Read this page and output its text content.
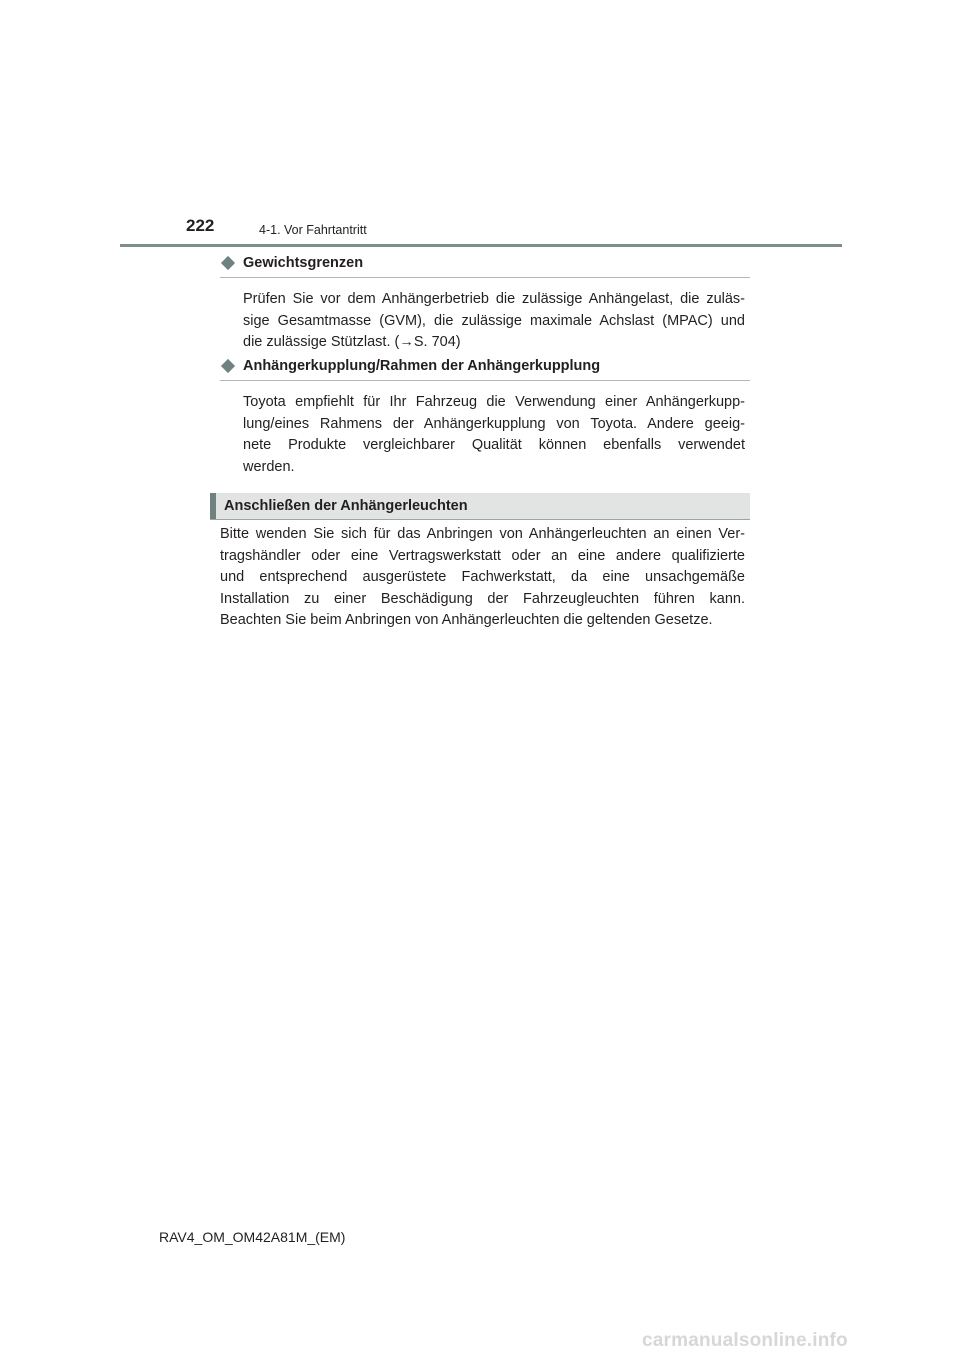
222	4-1. Vor Fahrtantritt
Gewichtsgrenzen
Prüfen Sie vor dem Anhängerbetrieb die zulässige Anhängelast, die zuläs-
sige Gesamtmasse (GVM), die zulässige maximale Achslast (MPAC) und
die zulässige Stützlast. (→S. 704)
Anhängerkupplung/Rahmen der Anhängerkupplung
Toyota empfiehlt für Ihr Fahrzeug die Verwendung einer Anhängerkupp-
lung/eines Rahmens der Anhängerkupplung von Toyota. Andere geeig-
nete Produkte vergleichbarer Qualität können ebenfalls verwendet
werden.
Anschließen der Anhängerleuchten
Bitte wenden Sie sich für das Anbringen von Anhängerleuchten an einen Ver-
tragshändler oder eine Vertragswerkstatt oder an eine andere qualifizierte
und entsprechend ausgerüstete Fachwerkstatt, da eine unsachgemäße
Installation zu einer Beschädigung der Fahrzeugleuchten führen kann.
Beachten Sie beim Anbringen von Anhängerleuchten die geltenden Gesetze.
RAV4_OM_OM42A81M_(EM)
carmanualsonline.info
